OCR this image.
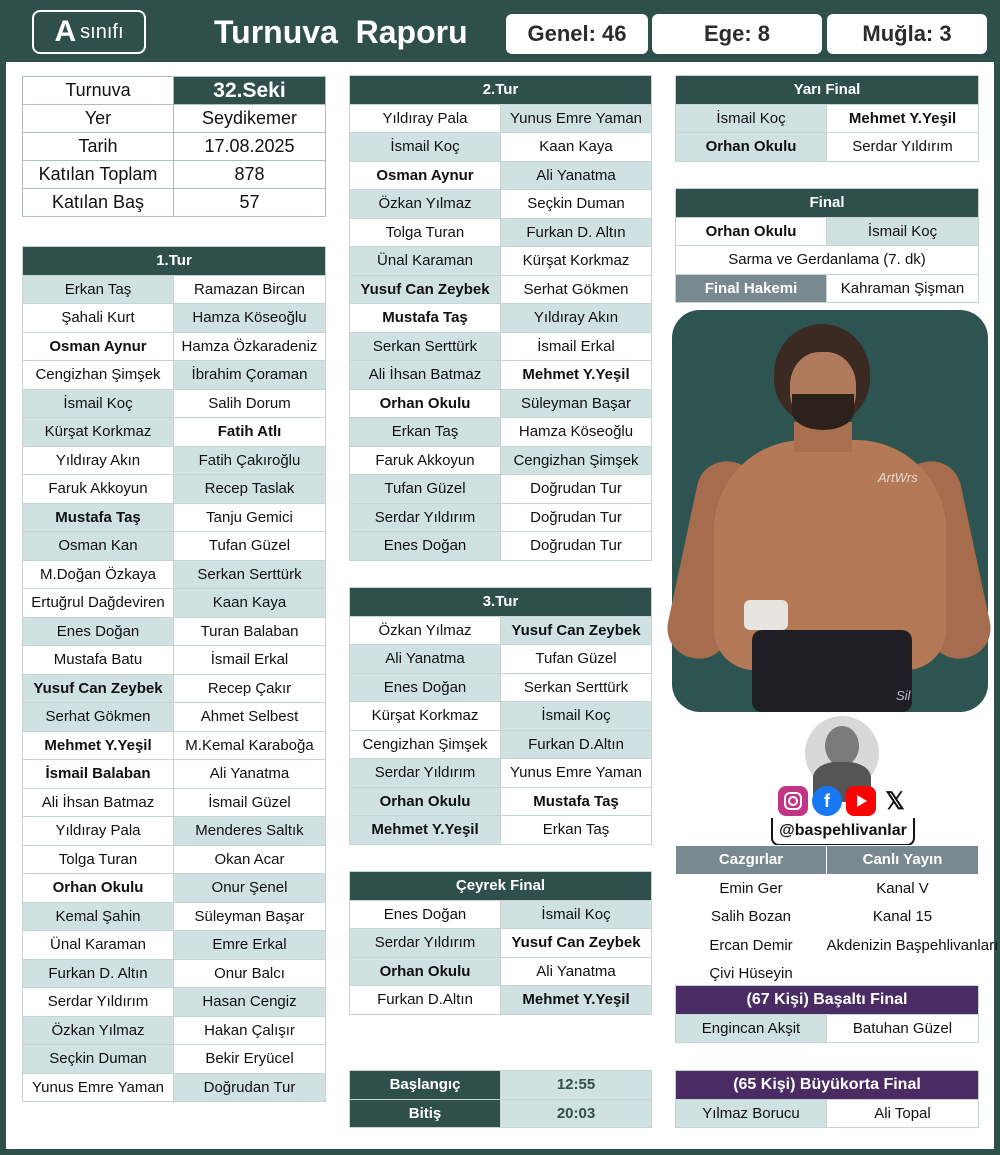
A sınıfı	Turnuva  Raporu	Genel: 46	Ege: 8	Muğla: 3
Turnuva	32.Seki
Yer	Seydikemer
Tarih	17.08.2025
Katılan Toplam	878
Katılan Baş	57
1.Tur	
Erkan Taş	Ramazan Bircan
Şahali Kurt	Hamza Köseoğlu
Osman Aynur	Hamza Özkaradeniz
Cengizhan Şimşek	İbrahim Çoraman
İsmail Koç	Salih Dorum
Kürşat Korkmaz	Fatih Atlı
Yıldıray Akın	Fatih Çakıroğlu
Faruk Akkoyun	Recep Taslak
Mustafa Taş	Tanju Gemici
Osman Kan	Tufan Güzel
M.Doğan Özkaya	Serkan Serttürk
Ertuğrul Dağdeviren	Kaan Kaya
Enes Doğan	Turan Balaban
Mustafa Batu	İsmail Erkal
Yusuf Can Zeybek	Recep Çakır
Serhat Gökmen	Ahmet Selbest
Mehmet Y.Yeşil	M.Kemal Karaboğa
İsmail Balaban	Ali Yanatma
Ali İhsan Batmaz	İsmail Güzel
Yıldıray Pala	Menderes Saltık
Tolga Turan	Okan Acar
Orhan Okulu	Onur Şenel
Kemal Şahin	Süleyman Başar
Ünal Karaman	Emre Erkal
Furkan D. Altın	Onur Balcı
Serdar Yıldırım	Hasan Cengiz
Özkan Yılmaz	Hakan Çalışır
Seçkin Duman	Bekir Eryücel
Yunus Emre Yaman	Doğrudan Tur
2.Tur	
Yıldıray Pala	Yunus Emre Yaman
İsmail Koç	Kaan Kaya
Osman Aynur	Ali Yanatma
Özkan Yılmaz	Seçkin Duman
Tolga Turan	Furkan D. Altın
Ünal Karaman	Kürşat Korkmaz
Yusuf Can Zeybek	Serhat Gökmen
Mustafa Taş	Yıldıray Akın
Serkan Serttürk	İsmail Erkal
Ali İhsan Batmaz	Mehmet Y.Yeşil
Orhan Okulu	Süleyman Başar
Erkan Taş	Hamza Köseoğlu
Faruk Akkoyun	Cengizhan Şimşek
Tufan Güzel	Doğrudan Tur
Serdar Yıldırım	Doğrudan Tur
Enes Doğan	Doğrudan Tur
3.Tur	
Özkan Yılmaz	Yusuf Can Zeybek
Ali Yanatma	Tufan Güzel
Enes Doğan	Serkan Serttürk
Kürşat Korkmaz	İsmail Koç
Cengizhan Şimşek	Furkan D.Altın
Serdar Yıldırım	Yunus Emre Yaman
Orhan Okulu	Mustafa Taş
Mehmet Y.Yeşil	Erkan Taş
Çeyrek Final	
Enes Doğan	İsmail Koç
Serdar Yıldırım	Yusuf Can Zeybek
Orhan Okulu	Ali Yanatma
Furkan D.Altın	Mehmet Y.Yeşil
Başlangıç	12:55
Bitiş	20:03
Yarı Final	
İsmail Koç	Mehmet Y.Yeşil
Orhan Okulu	Serdar Yıldırım
Final	
Orhan Okulu	İsmail Koç
Sarma ve Gerdanlama (7. dk)	
Final Hakemi	Kahraman Şişman
ArtWrs
Sil
f	𝕏
@baspehlivanlar
Cazgırlar	Canlı Yayın
Emin Ger	Kanal V
Salih Bozan	Kanal 15
Ercan Demir	Akdenizin Başpehlivanları
Çivi Hüseyin	
(67 Kişi) Başaltı Final
Engincan Akşit	Batuhan Güzel
(65 Kişi) Büyükorta Final
Yılmaz Borucu	Ali Topal
